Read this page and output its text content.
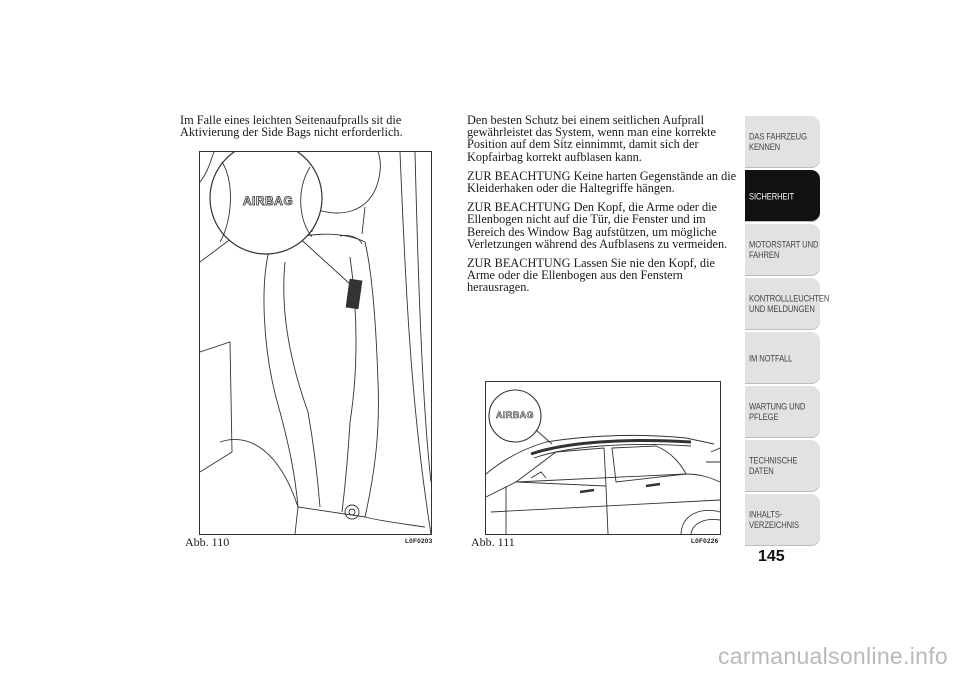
Im Falle eines leichten Seitenaufpralls sit die Aktivierung der Side Bags nicht erforderlich.

Den besten Schutz bei einem seitlichen Aufprall gewährleistet das System, wenn man eine korrekte Position auf dem Sitz einnimmt, damit sich der Kopfairbag korrekt aufblasen kann.

ZUR BEACHTUNG Keine harten Gegenstände an die Kleiderhaken oder die Haltegriffe hängen.

ZUR BEACHTUNG Den Kopf, die Arme oder die Ellenbogen nicht auf die Tür, die Fenster und im Bereich des Window Bag aufstützen, um mögliche Verletzungen während des Aufblasens zu vermeiden.

ZUR BEACHTUNG Lassen Sie nie den Kopf, die Arme oder die Ellenbogen aus den Fenstern herausragen.

AIRBAG
Abb. 110	L0F0203
AIRBAG
Abb. 111	L0F0226
DAS FAHRZEUG
KENNEN
SICHERHEIT
MOTORSTART UND
FAHREN
KONTROLLLEUCHTEN
UND MELDUNGEN
IM NOTFALL
WARTUNG UND
PFLEGE
TECHNISCHE
DATEN
INHALTS-
VERZEICHNIS
145
carmanualsonline.info
